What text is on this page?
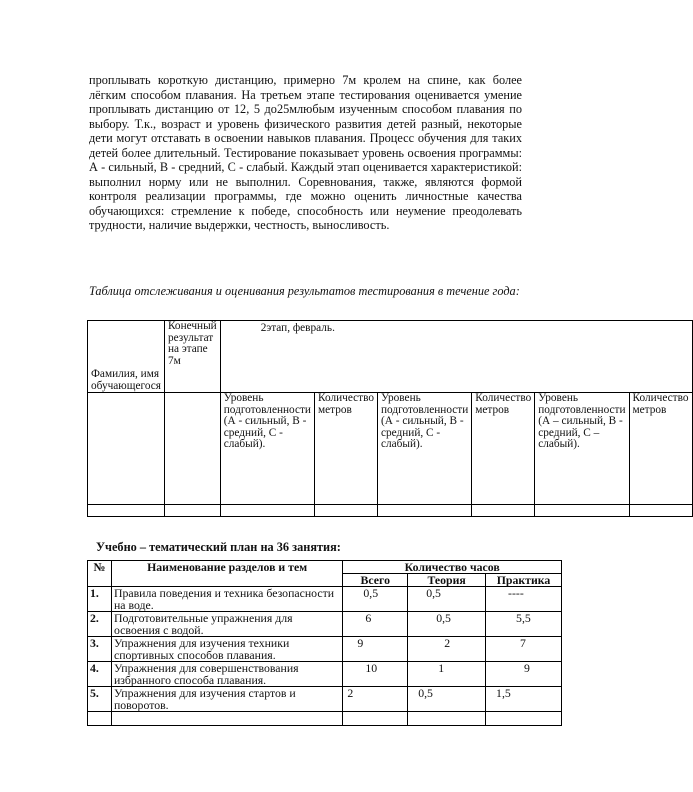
проплывать короткую дистанцию, примерно 7м кролем на спине, как более лёгким способом плавания. На третьем этапе тестирования оценивается умение проплывать дистанцию от 12, 5 до25млюбым изученным способом плавания по выбору. Т.к., возраст и уровень физического развития детей разный, некоторые дети могут отставать в освоении навыков плавания. Процесс обучения для таких детей более длительный. Тестирование показывает уровень освоения программы: А - сильный, В - средний, С - слабый. Каждый этап оценивается характеристикой: выполнил норму или не выполнил. Соревнования, также, являются формой контроля реализации программы, где можно оценить личностные качества обучающихся: стремление к победе, способность или неумение преодолевать трудности, наличие выдержки, честность, выносливость.

Таблица отслеживания и оценивания результатов тестирования в течение года:

Фамилия, имя обучающегося	Конечный результат на этапе 7м	2этап, февраль.					
		Уровень подготовленности (А - сильный, В - средний, С - слабый).	Количество метров	Уровень подготовленности (А - сильный, В - средний, С - слабый).	Количество метров	Уровень подготовленности (А – сильный, В - средний, С – слабый).	Количество метров

Учебно – тематический план на 36 занятия:

№	Наименование разделов и тем	Количество часов		
		Всего	Теория	Практика
1.	Правила поведения и техника безопасности на воде.	0,5	0,5	----
2.	Подготовительные упражнения для освоения с водой.	6	0,5	5,5
3.	Упражнения для изучения техники спортивных способов плавания.	9	2	7
4.	Упражнения для совершенствования избранного способа плавания.	10	1	9
5.	Упражнения для изучения стартов и поворотов.	2	0,5	1,5
